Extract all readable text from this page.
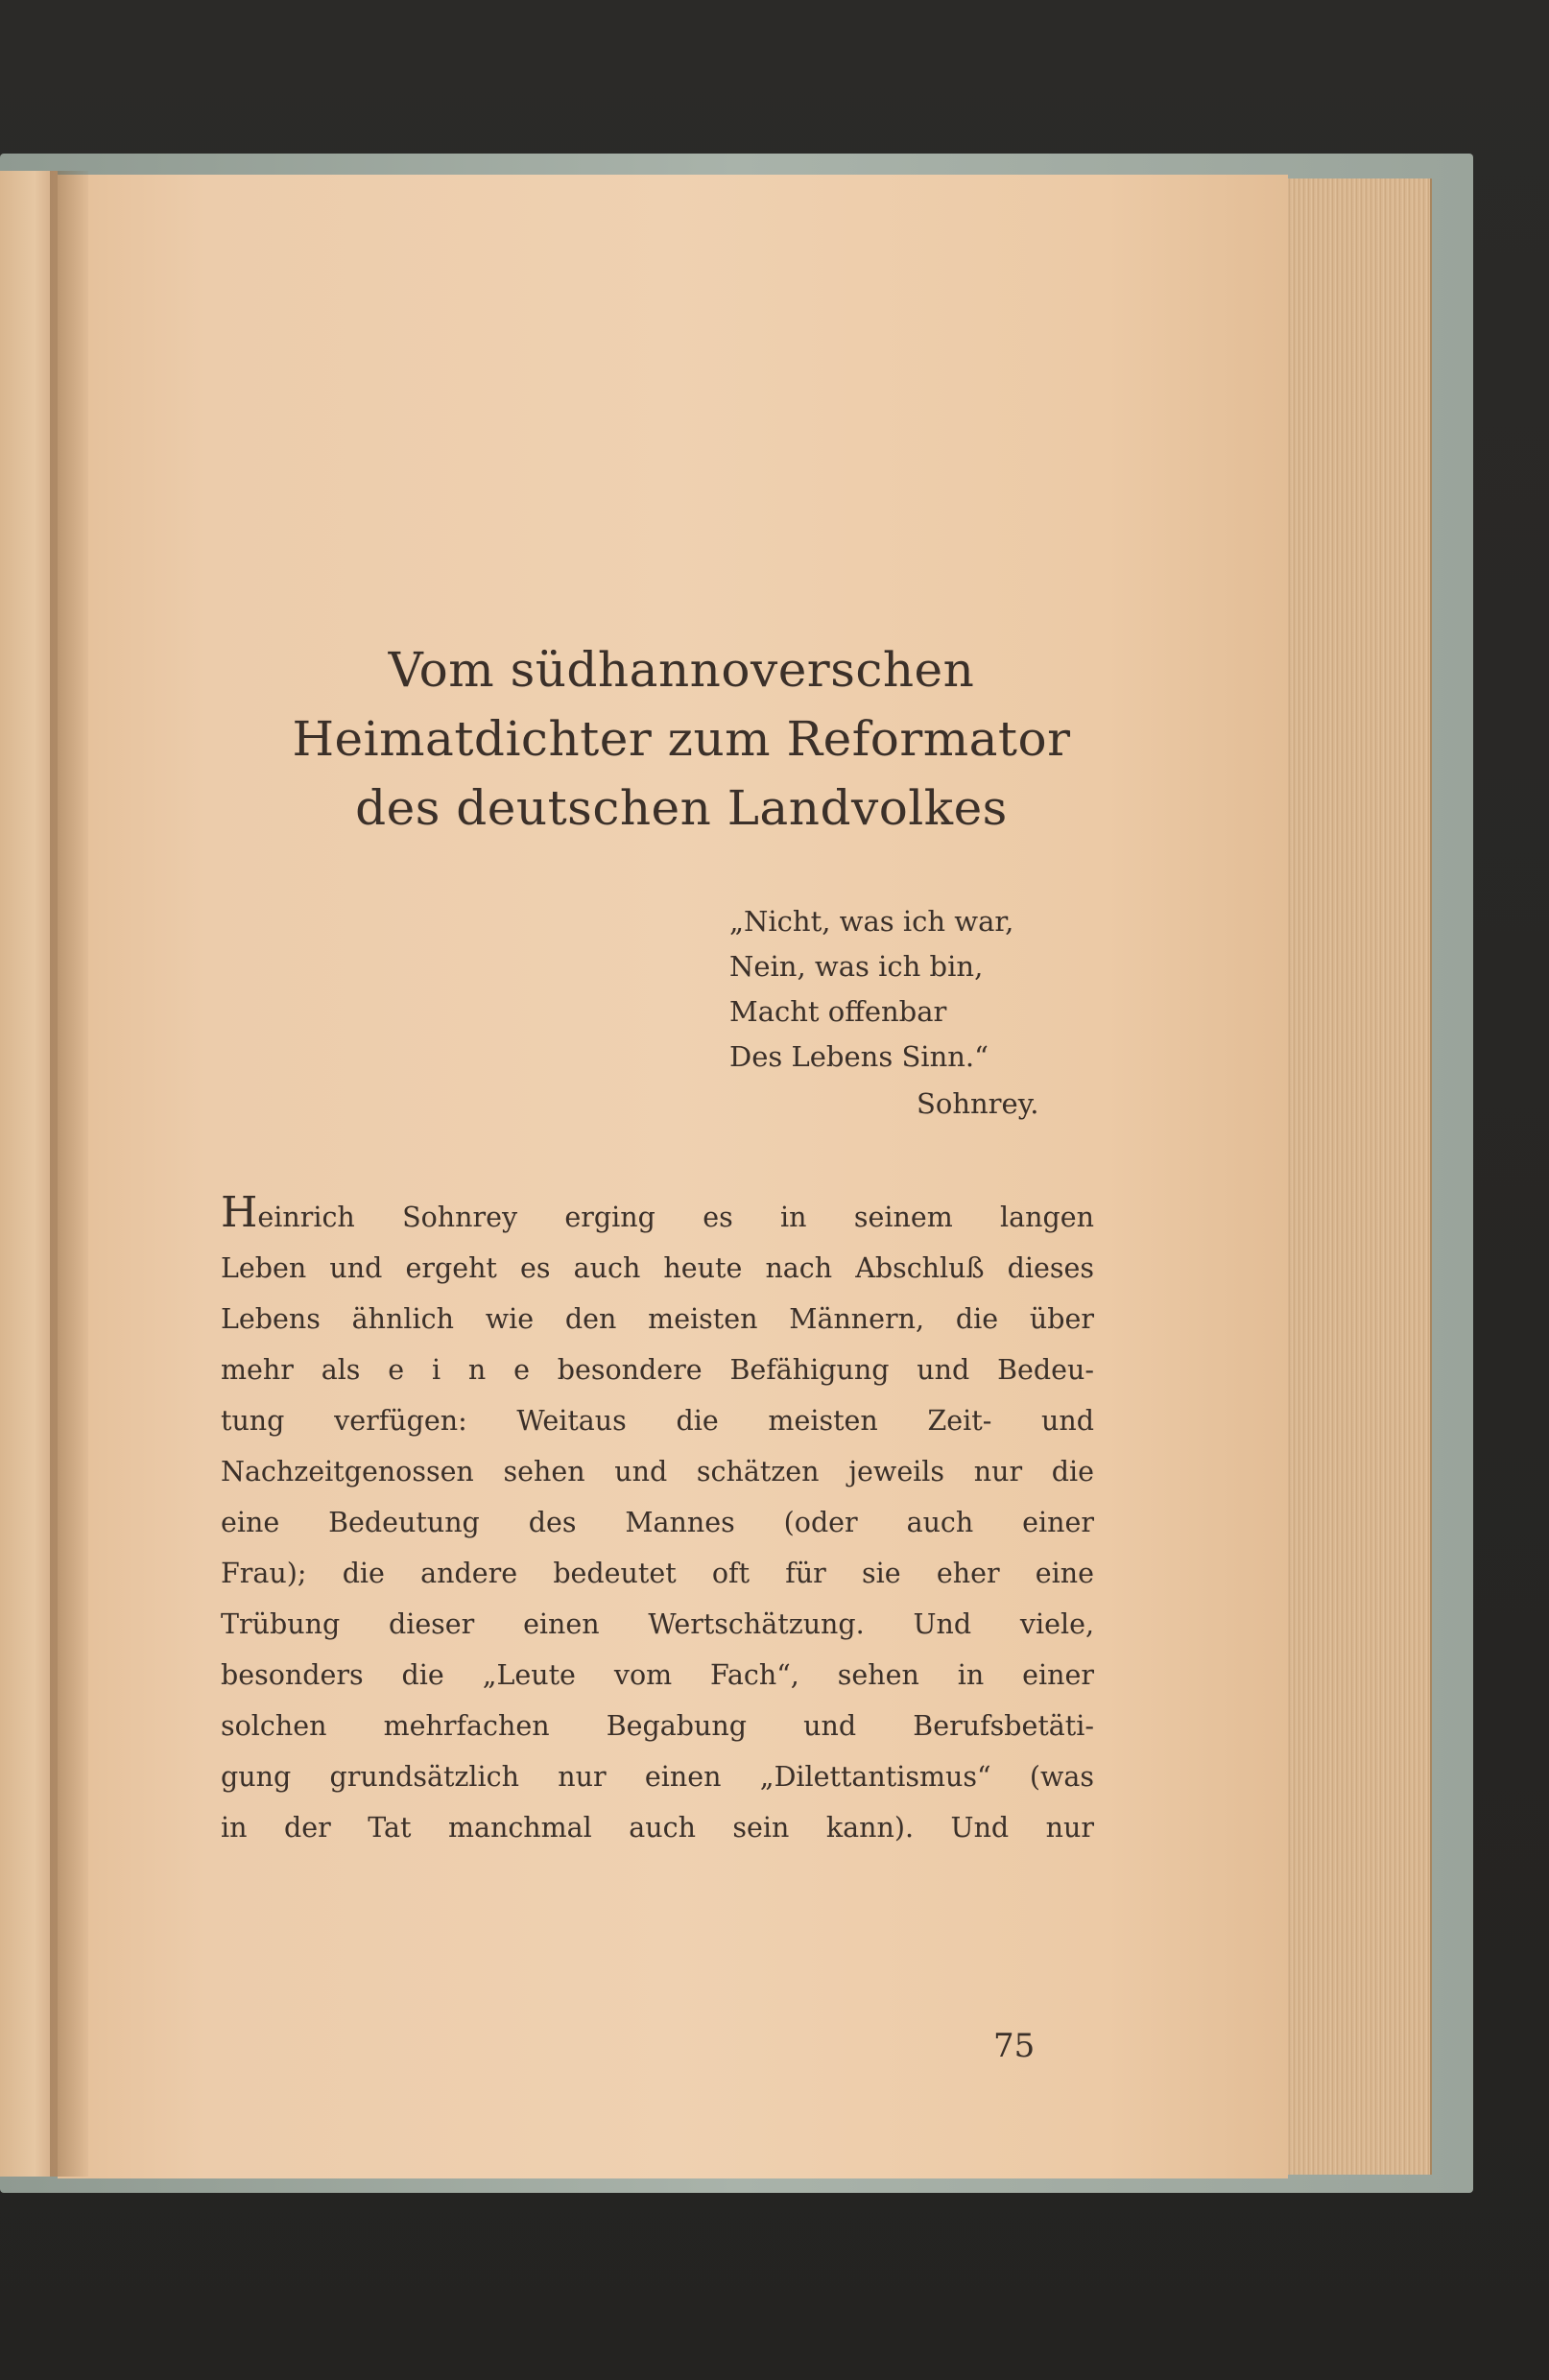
Vom südhannoverschen
Heimatdichter zum Reformator
des deutschen Landvolkes
„Nicht, was ich war,
Nein, was ich bin,
Macht offenbar
Des Lebens Sinn.“
Sohnrey.
Heinrich Sohnrey erging es in seinem langen
Leben und ergeht es auch heute nach Abschluß dieses
Lebens ähnlich wie den meisten Männern, die über
mehr als e i n e besondere Befähigung und Bedeu-
tung verfügen: Weitaus die meisten Zeit- und
Nachzeitgenossen sehen und schätzen jeweils nur die
eine Bedeutung des Mannes (oder auch einer
Frau); die andere bedeutet oft für sie eher eine
Trübung dieser einen Wertschätzung. Und viele,
besonders die „Leute vom Fach“, sehen in einer
solchen mehrfachen Begabung und Berufsbetäti-
gung grundsätzlich nur einen „Dilettantismus“ (was
in der Tat manchmal auch sein kann). Und nur
75
